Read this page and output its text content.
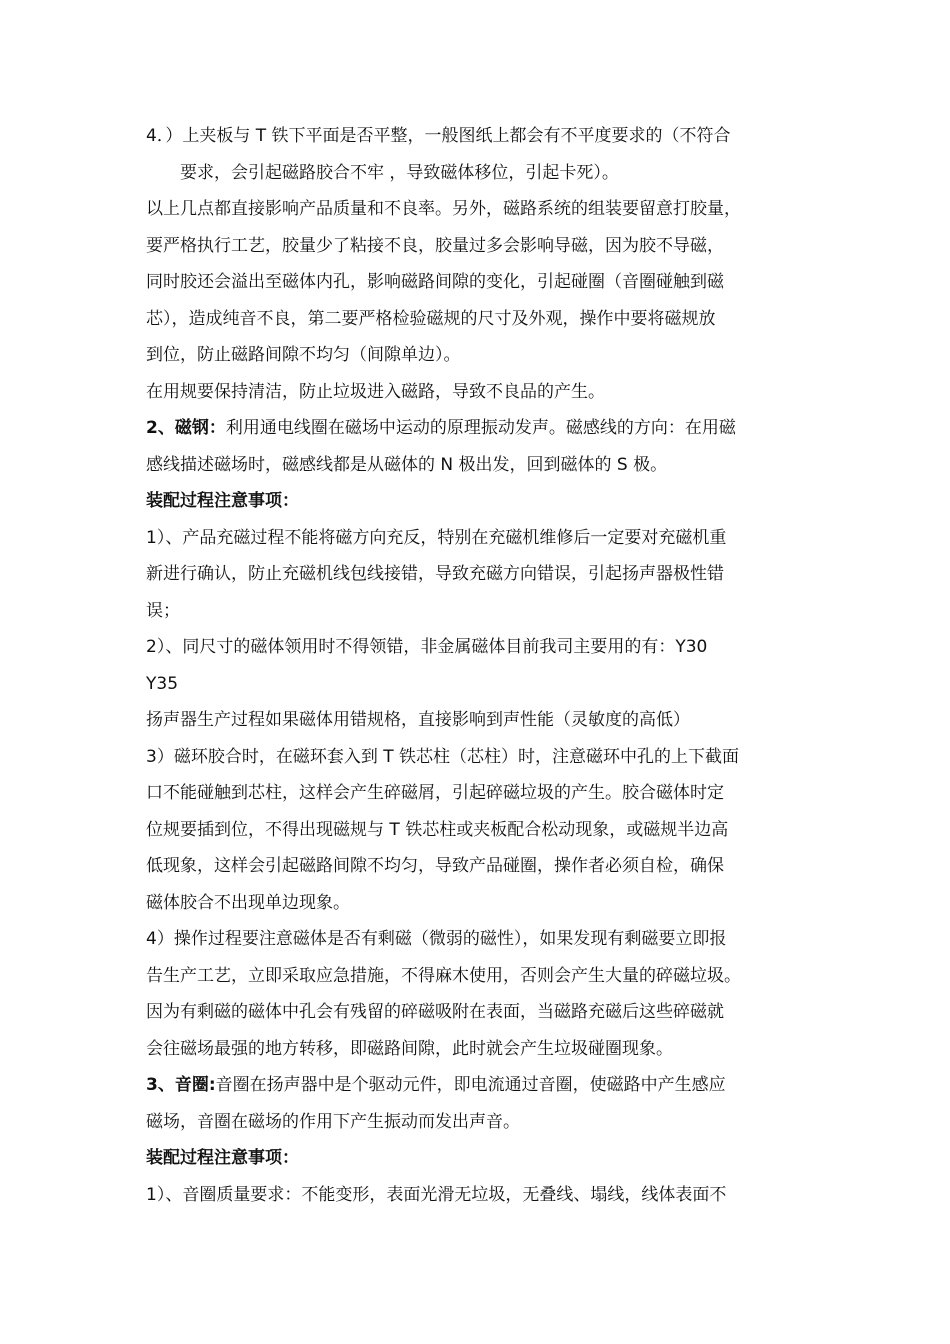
4．）上夹板与 T 铁下平面是否平整，一般图纸上都会有不平度要求的（不符合
要求，会引起磁路胶合不牢 ，导致磁体移位，引起卡死）。
以上几点都直接影响产品质量和不良率。另外，磁路系统的组装要留意打胶量，
要严格执行工艺，胶量少了粘接不良，胶量过多会影响导磁，因为胶不导磁，
同时胶还会溢出至磁体内孔，影响磁路间隙的变化，引起碰圈（音圈碰触到磁
芯），造成纯音不良，第二要严格检验磁规的尺寸及外观，操作中要将磁规放
到位，防止磁路间隙不均匀（间隙单边）。
在用规要保持清洁，防止垃圾进入磁路，导致不良品的产生。
2、磁钢：利用通电线圈在磁场中运动的原理振动发声。磁感线的方向：在用磁
感线描述磁场时，磁感线都是从磁体的 N 极出发，回到磁体的 S 极。
装配过程注意事项：
1）、产品充磁过程不能将磁方向充反，特别在充磁机维修后一定要对充磁机重
新进行确认，防止充磁机线包线接错，导致充磁方向错误，引起扬声器极性错
误；
2）、同尺寸的磁体领用时不得领错，非金属磁体目前我司主要用的有：Y30
Y35
扬声器生产过程如果磁体用错规格，直接影响到声性能（灵敏度的高低）
3）磁环胶合时，在磁环套入到 T 铁芯柱（芯柱）时，注意磁环中孔的上下截面
口不能碰触到芯柱，这样会产生碎磁屑，引起碎磁垃圾的产生。胶合磁体时定
位规要插到位，不得出现磁规与 T 铁芯柱或夹板配合松动现象，或磁规半边高
低现象，这样会引起磁路间隙不均匀，导致产品碰圈，操作者必须自检，确保
磁体胶合不出现单边现象。
4）操作过程要注意磁体是否有剩磁（微弱的磁性），如果发现有剩磁要立即报
告生产工艺，立即采取应急措施，不得麻木使用，否则会产生大量的碎磁垃圾。
因为有剩磁的磁体中孔会有残留的碎磁吸附在表面，当磁路充磁后这些碎磁就
会往磁场最强的地方转移，即磁路间隙，此时就会产生垃圾碰圈现象。
3、音圈:音圈在扬声器中是个驱动元件，即电流通过音圈，使磁路中产生感应
磁场，音圈在磁场的作用下产生振动而发出声音。
装配过程注意事项：
1）、音圈质量要求：不能变形，表面光滑无垃圾，无叠线、塌线，线体表面不
